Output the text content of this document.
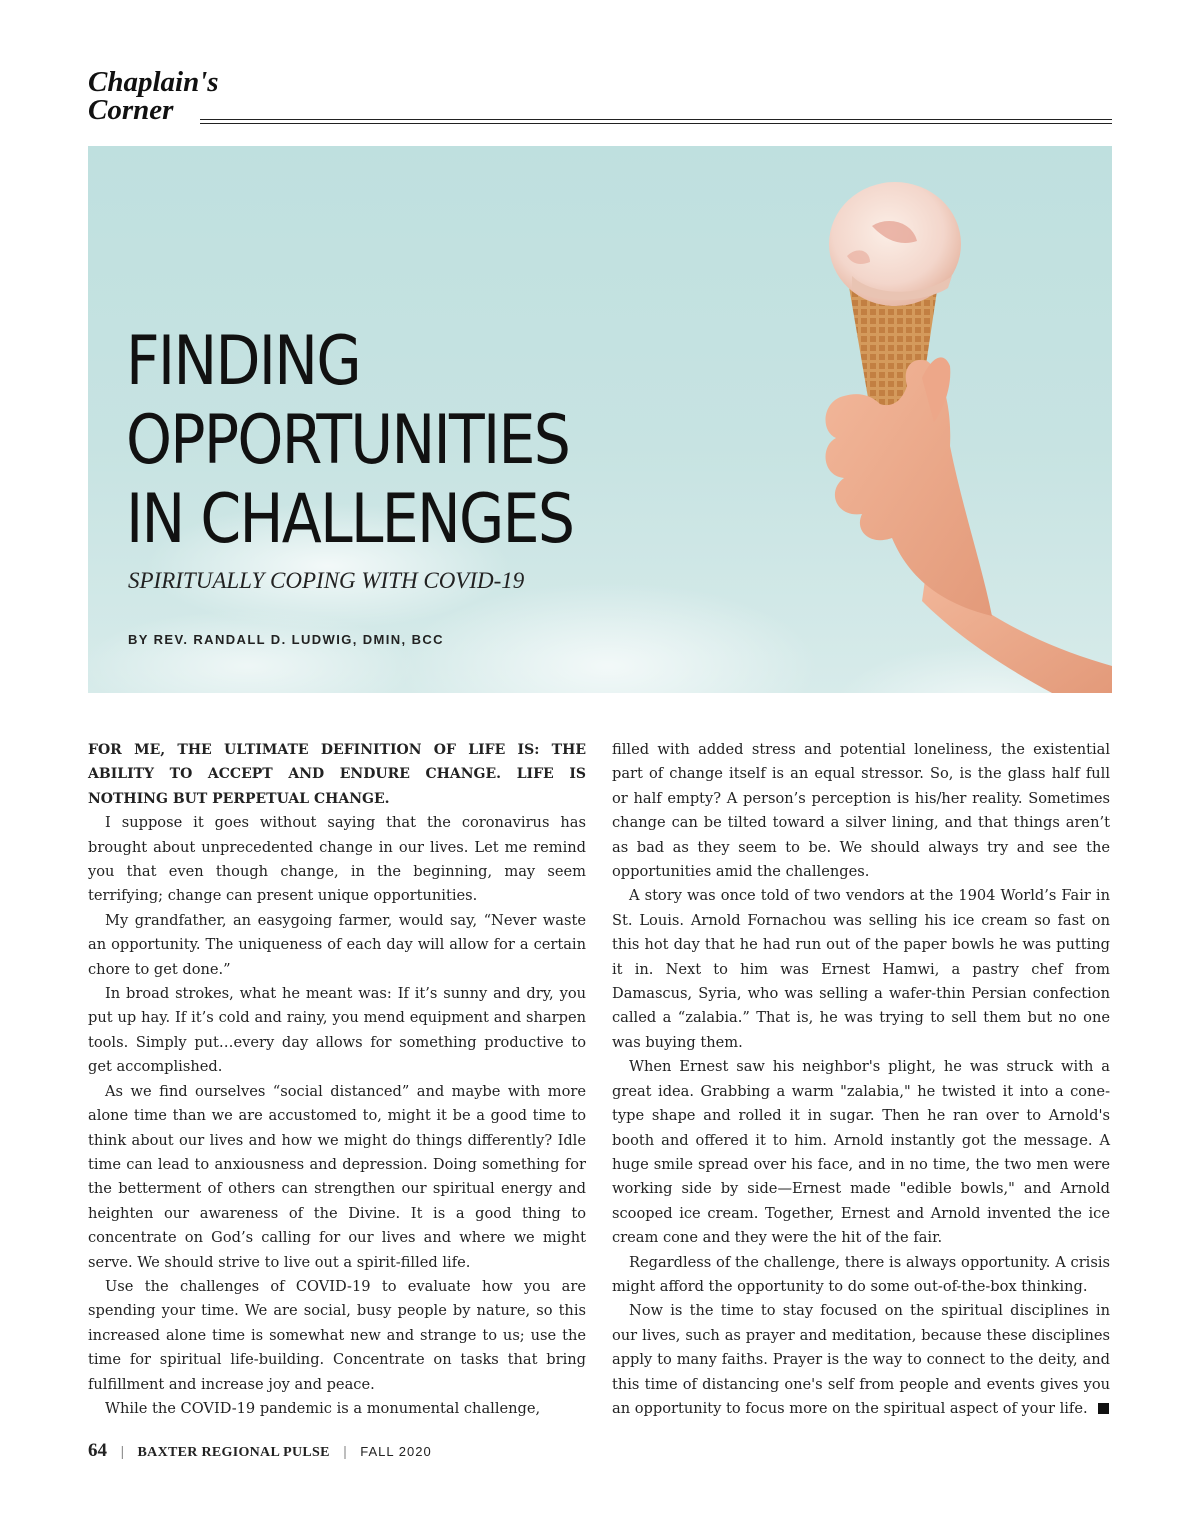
Chaplain's
Corner
FINDING
OPPORTUNITIES
IN CHALLENGES
SPIRITUALLY COPING WITH COVID-19
BY REV. RANDALL D. LUDWIG, DMIN, BCC

FOR ME, THE ULTIMATE DEFINITION OF LIFE IS: THE ABILITY TO ACCEPT AND ENDURE CHANGE. LIFE IS NOTHING BUT PERPETUAL CHANGE.

I suppose it goes without saying that the coronavirus has brought about unprecedented change in our lives. Let me remind you that even though change, in the beginning, may seem terrifying; change can present unique opportunities.

My grandfather, an easygoing farmer, would say, “Never waste an opportunity. The uniqueness of each day will allow for a certain chore to get done.”

In broad strokes, what he meant was: If it’s sunny and dry, you put up hay. If it’s cold and rainy, you mend equipment and sharpen tools. Simply put…every day allows for something productive to get accomplished.

As we find ourselves “social distanced” and maybe with more alone time than we are accustomed to, might it be a good time to think about our lives and how we might do things differently? Idle time can lead to anxiousness and depression. Doing something for the betterment of others can strengthen our spiritual energy and heighten our awareness of the Divine. It is a good thing to concentrate on God’s calling for our lives and where we might serve. We should strive to live out a spirit-filled life.

Use the challenges of COVID-19 to evaluate how you are spending your time. We are social, busy people by nature, so this increased alone time is somewhat new and strange to us; use the time for spiritual life-building. Concentrate on tasks that bring fulfillment and increase joy and peace.

While the COVID-19 pandemic is a monumental challenge,

filled with added stress and potential loneliness, the existential part of change itself is an equal stressor. So, is the glass half full or half empty? A person’s perception is his/her reality. Sometimes change can be tilted toward a silver lining, and that things aren’t as bad as they seem to be. We should always try and see the opportunities amid the challenges.

A story was once told of two vendors at the 1904 World’s Fair in St. Louis. Arnold Fornachou was selling his ice cream so fast on this hot day that he had run out of the paper bowls he was putting it in. Next to him was Ernest Hamwi, a pastry chef from Damascus, Syria, who was selling a wafer-thin Persian confection called a “zalabia.” That is, he was trying to sell them but no one was buying them.

When Ernest saw his neighbor's plight, he was struck with a great idea. Grabbing a warm "zalabia," he twisted it into a cone-type shape and rolled it in sugar. Then he ran over to Arnold's booth and offered it to him. Arnold instantly got the message. A huge smile spread over his face, and in no time, the two men were working side by side—Ernest made "edible bowls," and Arnold scooped ice cream. Together, Ernest and Arnold invented the ice cream cone and they were the hit of the fair.

Regardless of the challenge, there is always opportunity. A crisis might afford the opportunity to do some out-of-the-box thinking.

Now is the time to stay focused on the spiritual disciplines in our lives, such as prayer and meditation, because these disciplines apply to many faiths. Prayer is the way to connect to the deity, and this time of distancing one's self from people and events gives you an opportunity to focus more on the spiritual aspect of your life.

64 | BAXTER REGIONAL PULSE | FALL 2020
